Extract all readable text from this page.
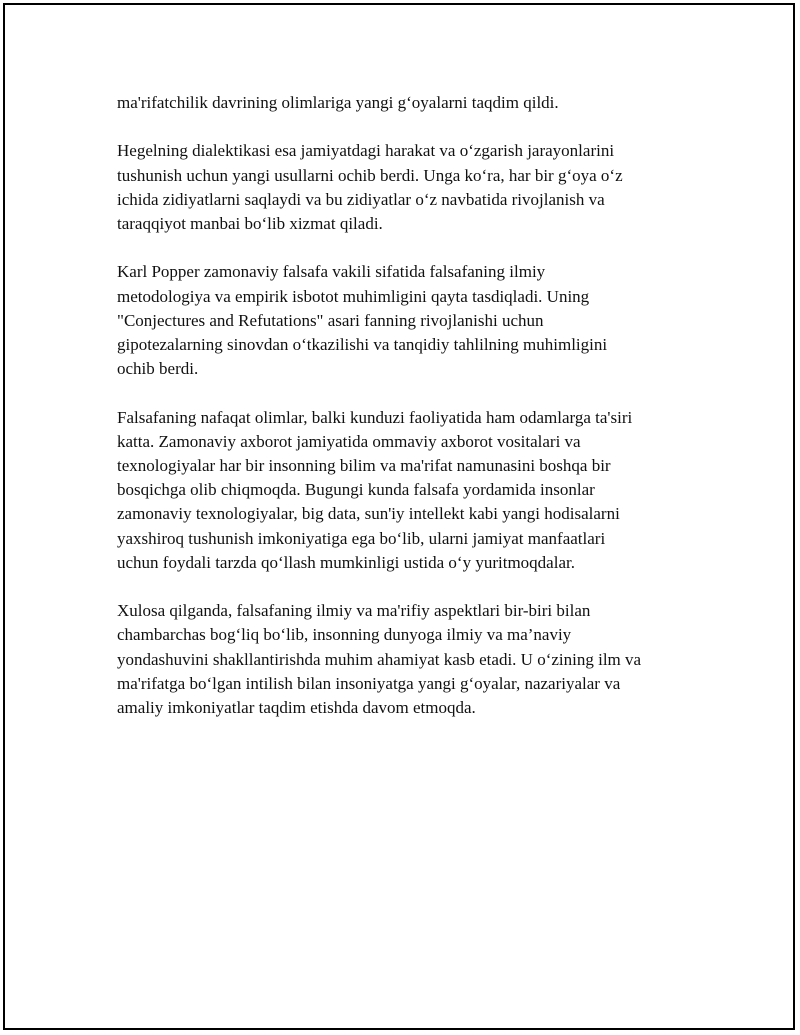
ma'rifatchilik davrining olimlariga yangi g‘oyalarni taqdim qildi.

Hegelning dialektikasi esa jamiyatdagi harakat va o‘zgarish jarayonlarini
tushunish uchun yangi usullarni ochib berdi. Unga ko‘ra, har bir g‘oya o‘z
ichida zidiyatlarni saqlaydi va bu zidiyatlar o‘z navbatida rivojlanish va
taraqqiyot manbai bo‘lib xizmat qiladi.

Karl Popper zamonaviy falsafa vakili sifatida falsafaning ilmiy
metodologiya va empirik isbotot muhimligini qayta tasdiqladi. Uning
"Conjectures and Refutations" asari fanning rivojlanishi uchun
gipotezalarning sinovdan o‘tkazilishi va tanqidiy tahlilning muhimligini
ochib berdi.

Falsafaning nafaqat olimlar, balki kunduzi faoliyatida ham odamlarga ta'siri
katta. Zamonaviy axborot jamiyatida ommaviy axborot vositalari va
texnologiyalar har bir insonning bilim va ma'rifat namunasini boshqa bir
bosqichga olib chiqmoqda. Bugungi kunda falsafa yordamida insonlar
zamonaviy texnologiyalar, big data, sun'iy intellekt kabi yangi hodisalarni
yaxshiroq tushunish imkoniyatiga ega bo‘lib, ularni jamiyat manfaatlari
uchun foydali tarzda qo‘llash mumkinligi ustida o‘y yuritmoqdalar.

Xulosa qilganda, falsafaning ilmiy va ma'rifiy aspektlari bir-biri bilan
chambarchas bog‘liq bo‘lib, insonning dunyoga ilmiy va ma’naviy
yondashuvini shakllantirishda muhim ahamiyat kasb etadi. U o‘zining ilm va
ma'rifatga bo‘lgan intilish bilan insoniyatga yangi g‘oyalar, nazariyalar va
amaliy imkoniyatlar taqdim etishda davom etmoqda.
